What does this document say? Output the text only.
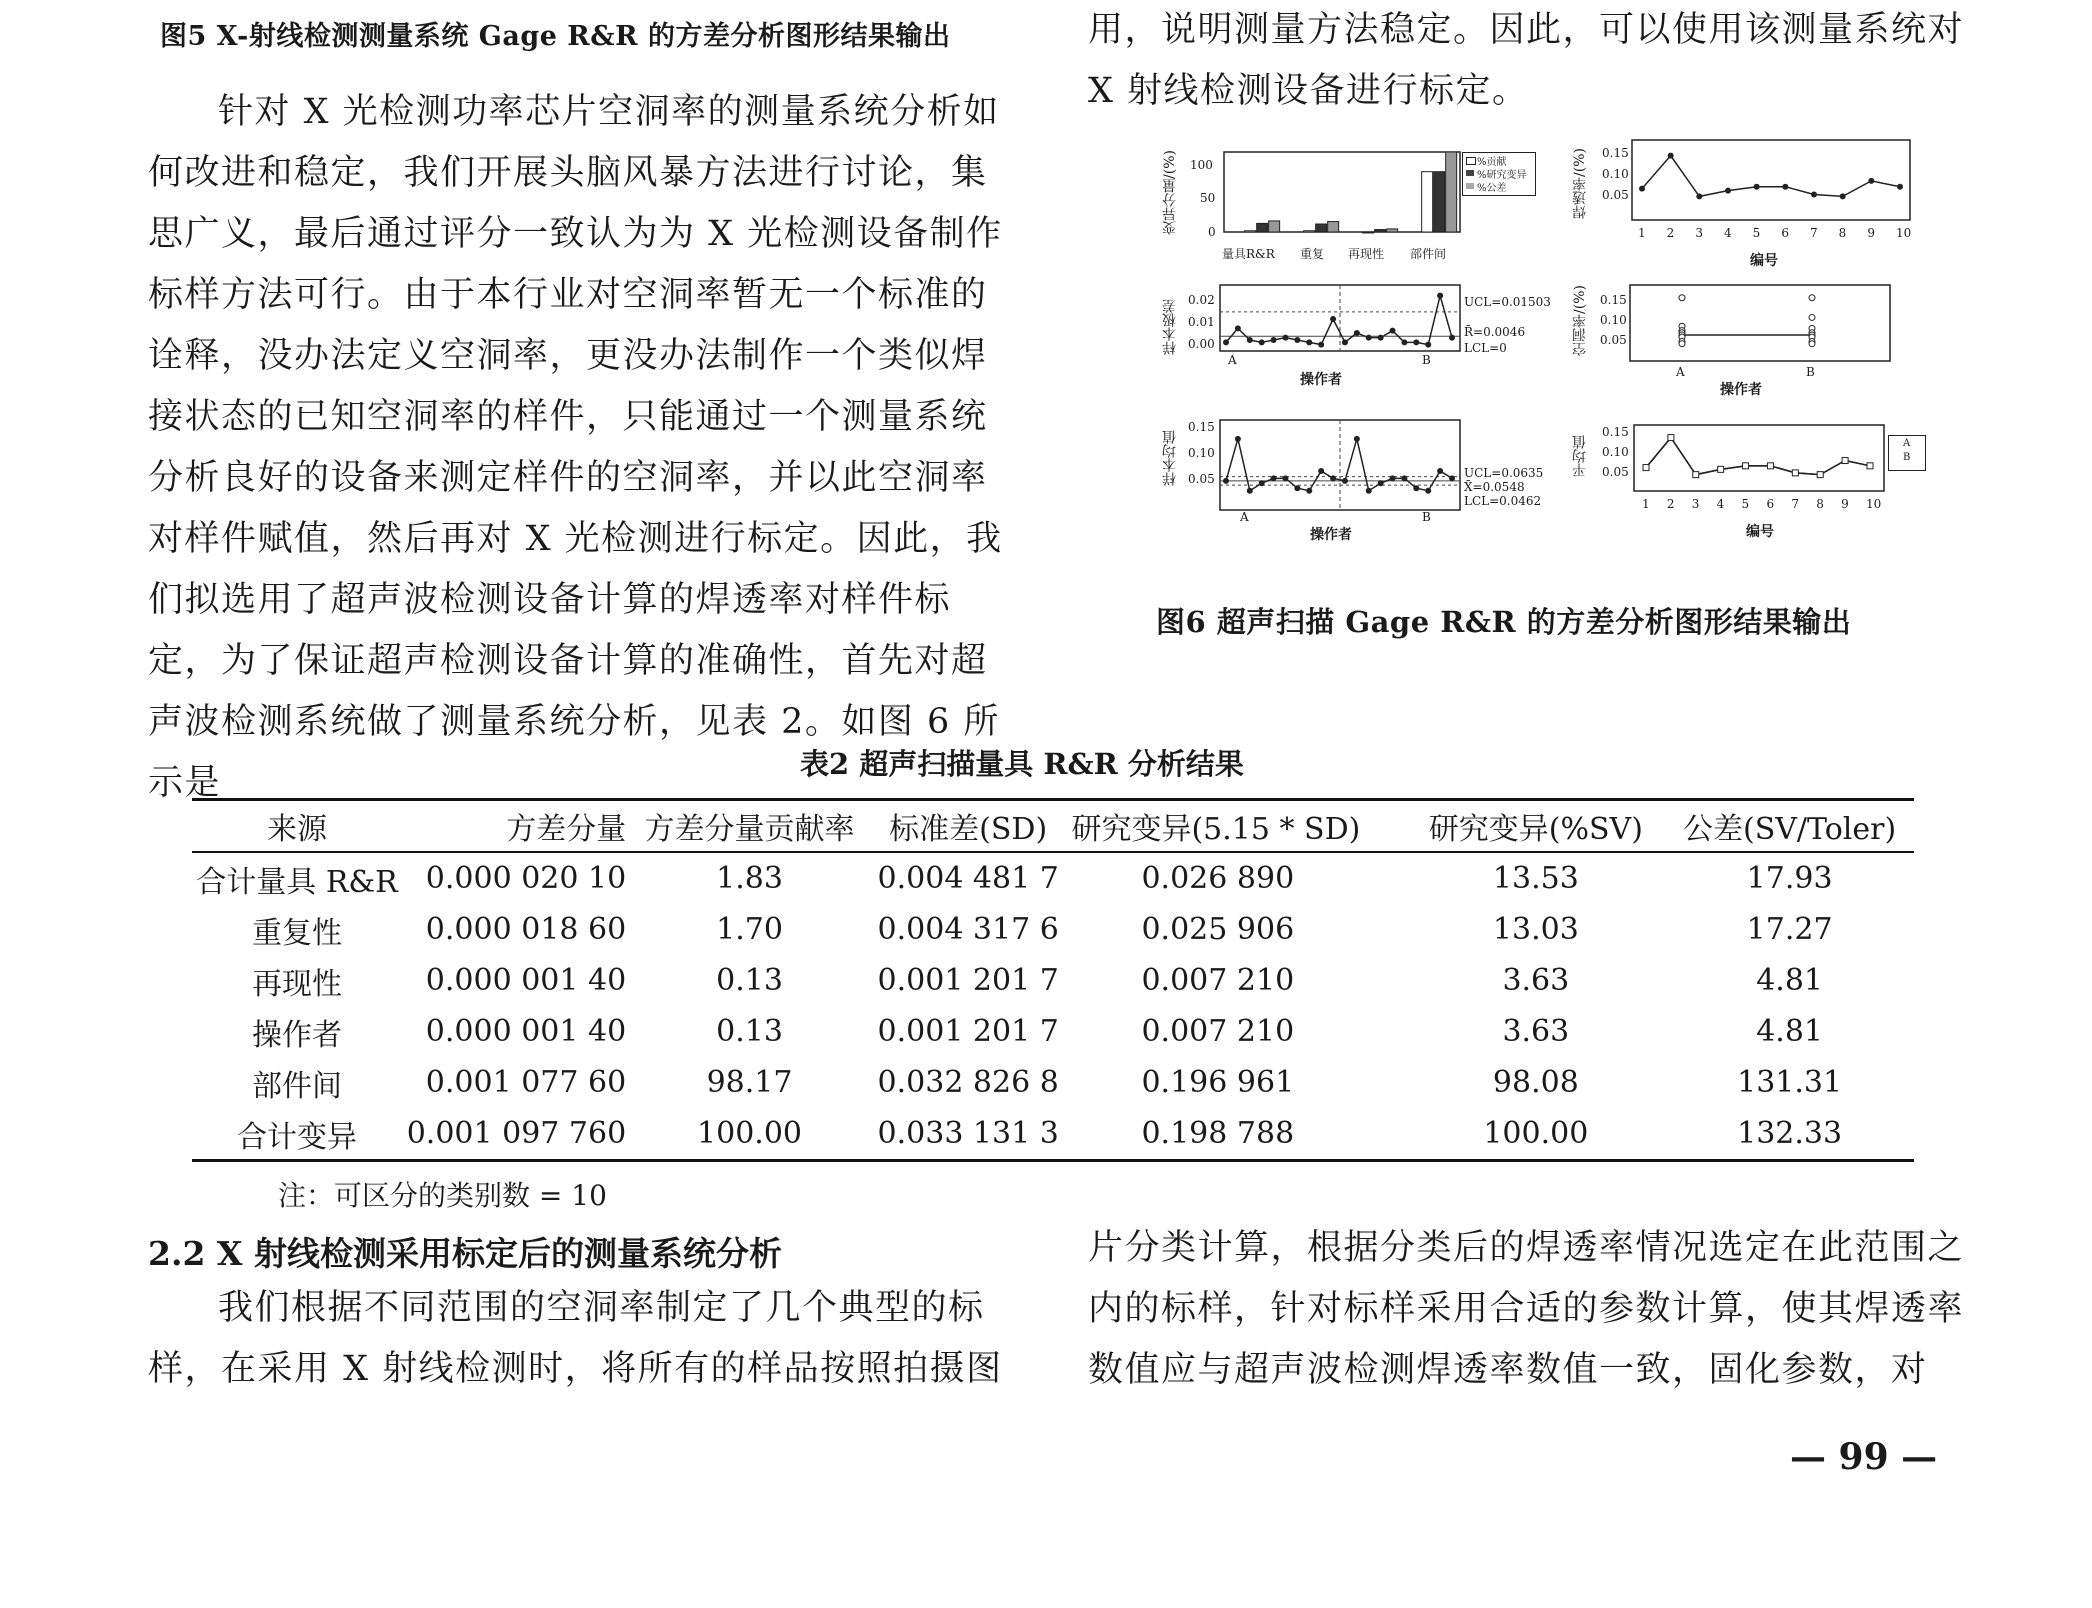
图5 X-射线检测测量系统 Gage R&R 的方差分析图形结果输出

针对 X 光检测功率芯片空洞率的测量系统分析如何改进和稳定，我们开展头脑风暴方法进行讨论，集思广义，最后通过评分一致认为为 X 光检测设备制作标样方法可行。由于本行业对空洞率暂无一个标准的诠释，没办法定义空洞率，更没办法制作一个类似焊接状态的已知空洞率的样件，只能通过一个测量系统分析良好的设备来测定样件的空洞率，并以此空洞率对样件赋值，然后再对 X 光检测进行标定。因此，我们拟选用了超声波检测设备计算的焊透率对样件标定，为了保证超声检测设备计算的准确性，首先对超声波检测系统做了测量系统分析，见表 2。如图 6 所示是

用，说明测量方法稳定。因此，可以使用该测量系统对 X 射线检测设备进行标定。

变异分量/(%) 100
50
0
量具R&R 重复 再现性 部件间
%贡献
%研究变异
%公差	焊透率/(%) 0.15
0.10
0.05
1 2 3 4 5 6 7 8 9 10
编号
样本极差 0.02
0.01
0.00
UCL=0.01503
R̄=0.0046
LCL=0
A	B
操作者
空洞率/(%) 0.15
0.10
0.05
A	B
操作者
样本均值
0.15
0.10
0.05	UCL=0.0635
X̄=0.0548
LCL=0.0462
A	B
操作者
平均值
0.15
0.10
0.05
1 2 3 4 5 6 7 8 9 10
编号
A
B
图6 超声扫描 Gage R&R 的方差分析图形结果输出
表2 超声扫描量具 R&R 分析结果
来源	方差分量	方差分量贡献率	标准差(SD)	研究变异(5.15 * SD)	研究变异(%SV)	公差(SV/Toler)
合计量具 R&R	0.000 020 10	1.83	0.004 481 7	0.026 890	13.53	17.93
重复性	0.000 018 60	1.70	0.004 317 6	0.025 906	13.03	17.27
再现性	0.000 001 40	0.13	0.001 201 7	0.007 210	3.63	4.81
操作者	0.000 001 40	0.13	0.001 201 7	0.007 210	3.63	4.81
部件间	0.001 077 60	98.17	0.032 826 8	0.196 961	98.08	131.31
合计变异	0.001 097 760	100.00	0.033 131 3	0.198 788	100.00	132.33
注：可区分的类别数 = 10
2.2 X 射线检测采用标定后的测量系统分析

我们根据不同范围的空洞率制定了几个典型的标样，在采用 X 射线检测时，将所有的样品按照拍摄图

片分类计算，根据分类后的焊透率情况选定在此范围之内的标样，针对标样采用合适的参数计算，使其焊透率数值应与超声波检测焊透率数值一致，固化参数，对

— 99 —
